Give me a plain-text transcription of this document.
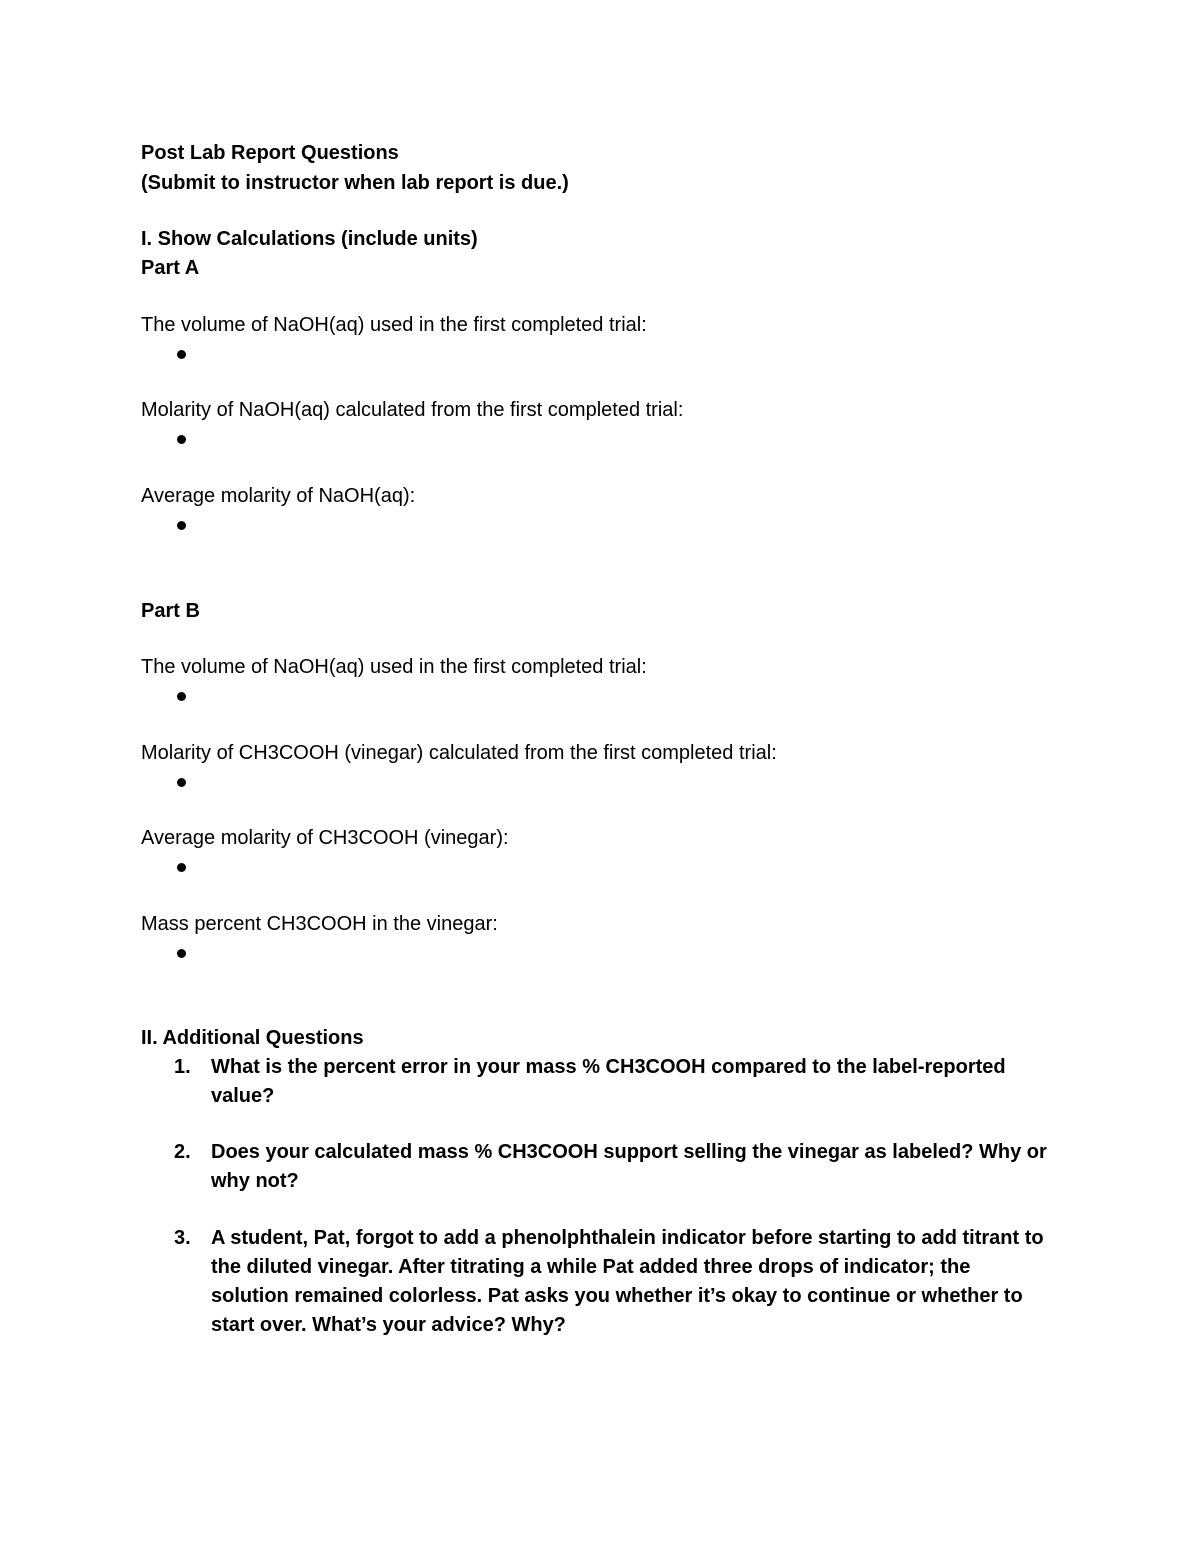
Post Lab Report Questions
(Submit to instructor when lab report is due.)
I. Show Calculations (include units)
Part A
The volume of NaOH(aq) used in the first completed trial:
Molarity of NaOH(aq) calculated from the first completed trial:
Average molarity of NaOH(aq):
Part B
The volume of NaOH(aq) used in the first completed trial:
Molarity of CH3COOH (vinegar) calculated from the first completed trial:
Average molarity of CH3COOH (vinegar):
Mass percent CH3COOH in the vinegar:
II. Additional Questions
1. What is the percent error in your mass % CH3COOH compared to the label-reported value?
2. Does your calculated mass % CH3COOH support selling the vinegar as labeled? Why or why not?
3. A student, Pat, forgot to add a phenolphthalein indicator before starting to add titrant to the diluted vinegar. After titrating a while Pat added three drops of indicator; the solution remained colorless. Pat asks you whether it’s okay to continue or whether to start over. What’s your advice? Why?
